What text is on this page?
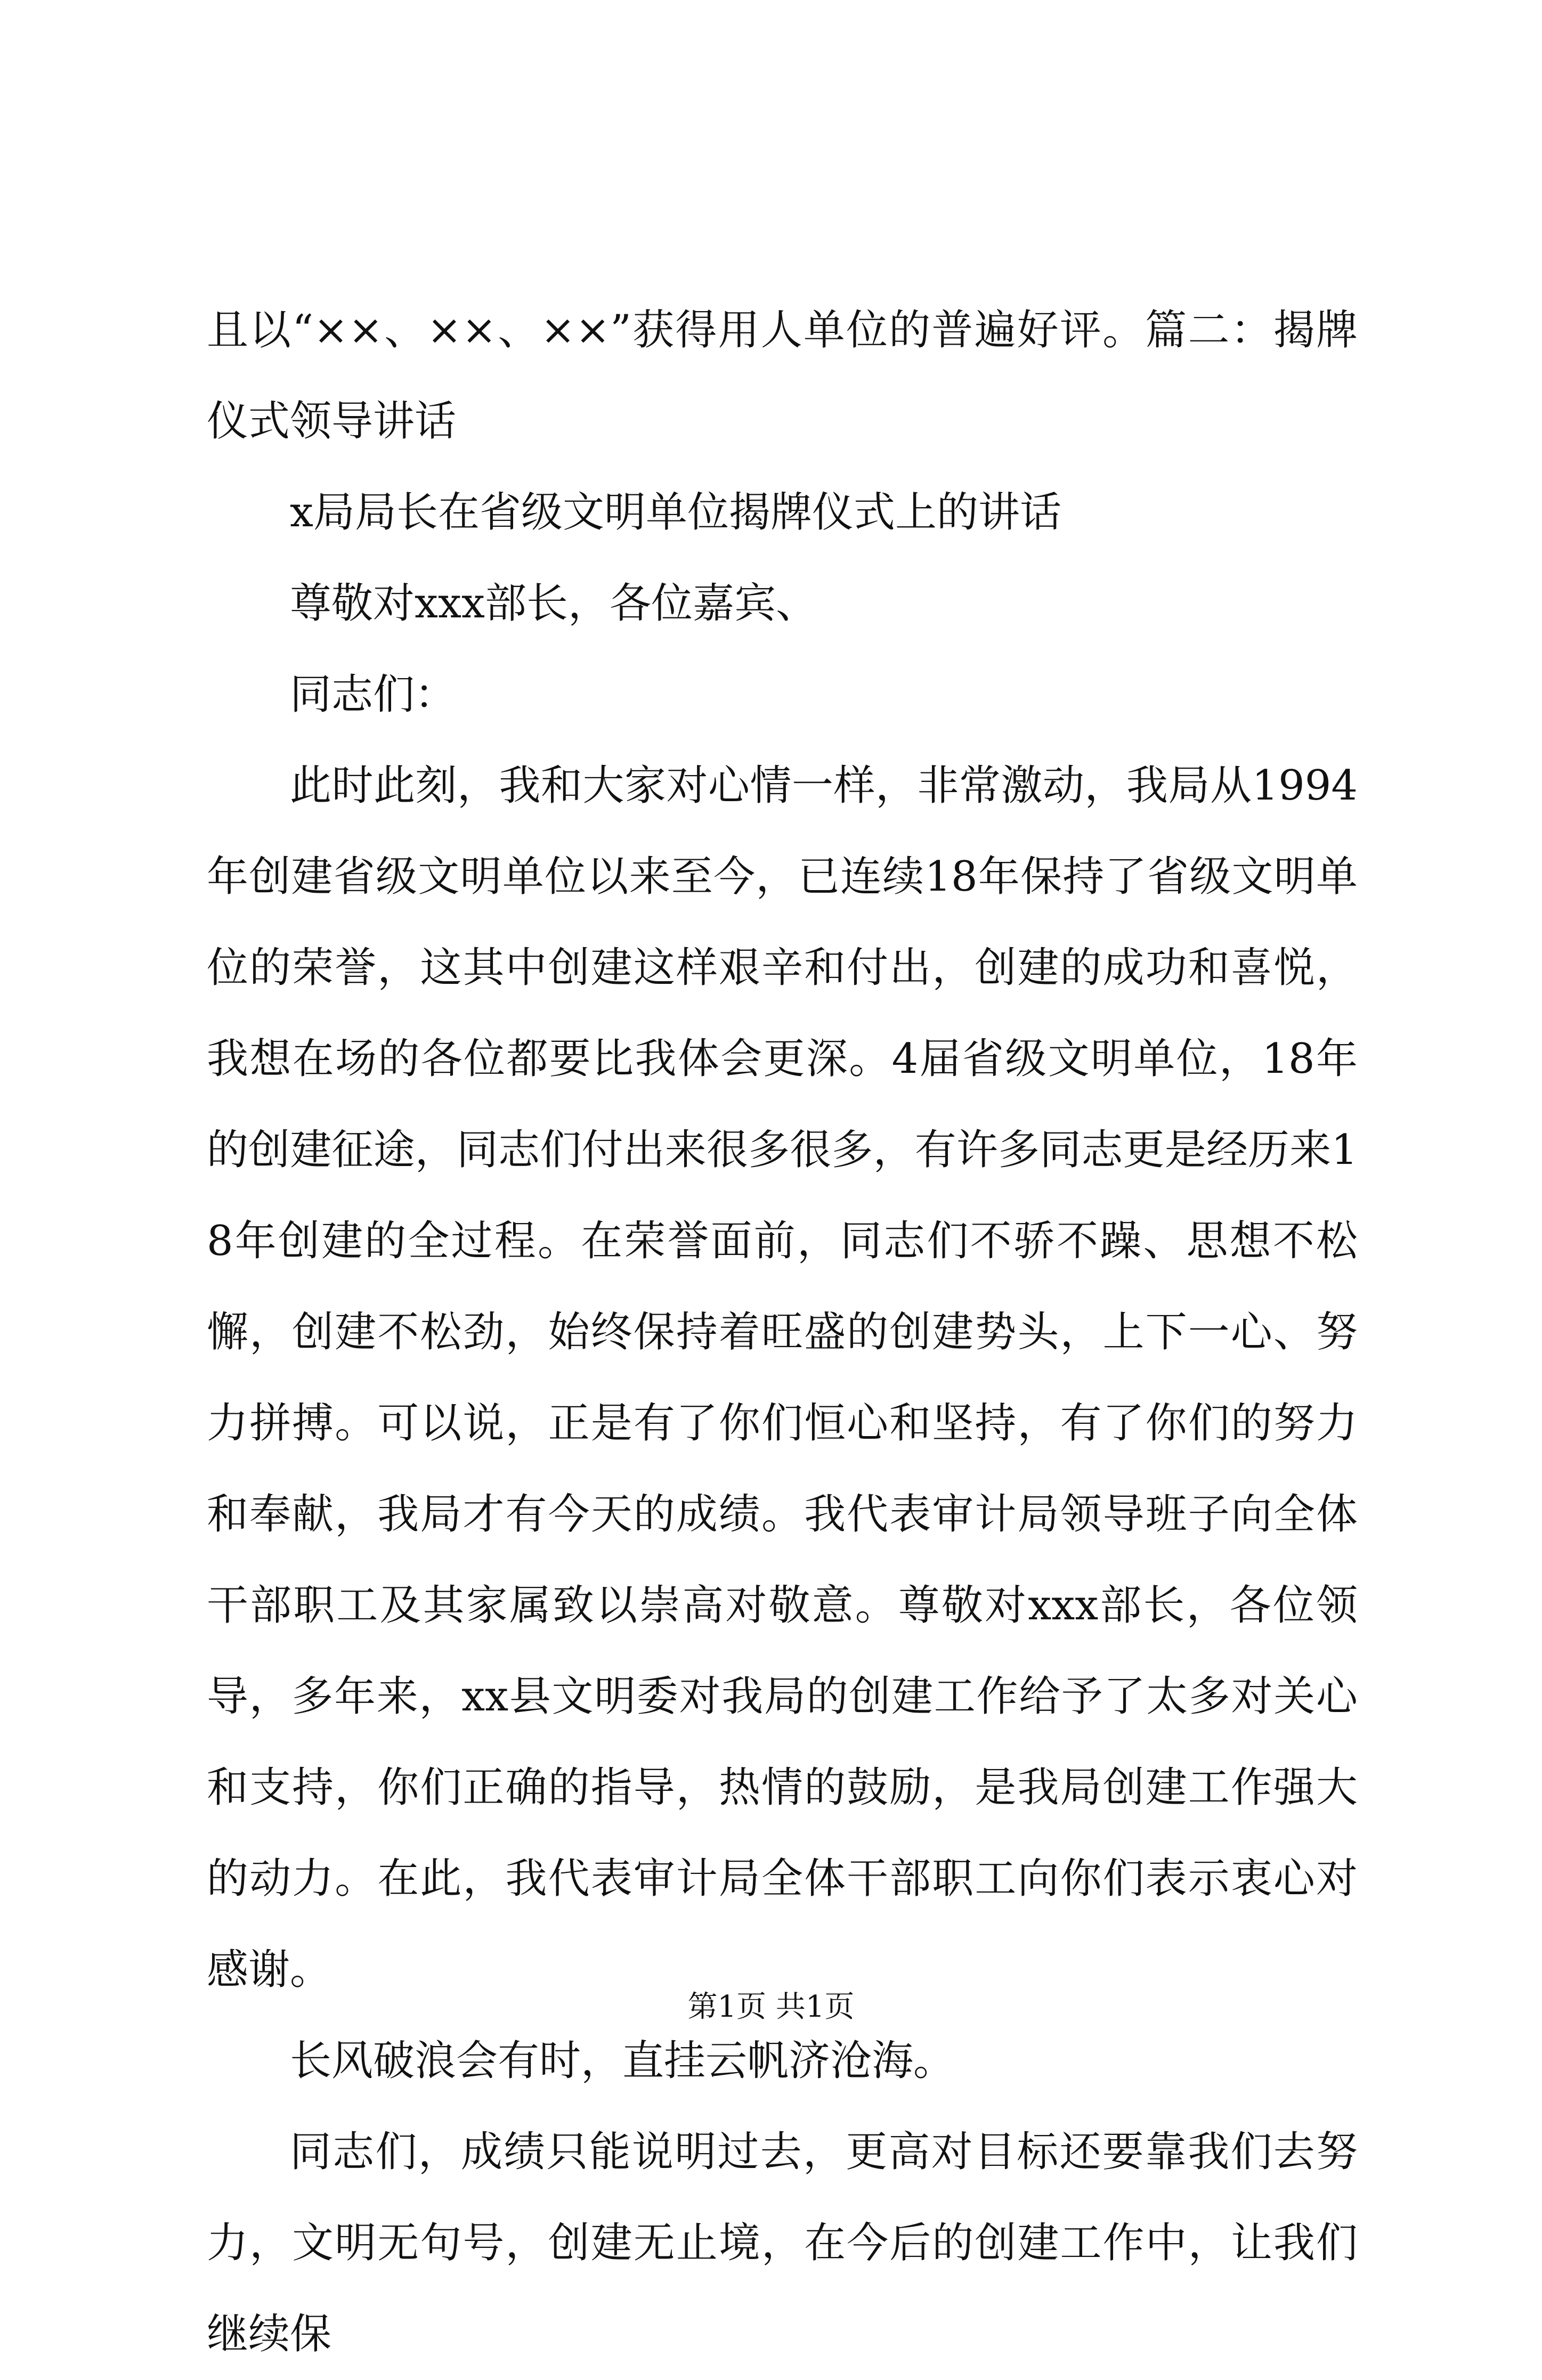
且以“××、××、××”获得用人单位的普遍好评。篇二：揭牌仪式领导讲话

x局局长在省级文明单位揭牌仪式上的讲话

尊敬对xxx部长，各位嘉宾、

同志们：

此时此刻，我和大家对心情一样，非常激动，我局从1994年创建省级文明单位以来至今，已连续18年保持了省级文明单位的荣誉，这其中创建这样艰辛和付出，创建的成功和喜悦，我想在场的各位都要比我体会更深。4届省级文明单位，18年的创建征途，同志们付出来很多很多，有许多同志更是经历来18年创建的全过程。在荣誉面前，同志们不骄不躁、思想不松懈，创建不松劲，始终保持着旺盛的创建势头，上下一心、努力拼搏。可以说，正是有了你们恒心和坚持，有了你们的努力和奉献，我局才有今天的成绩。我代表审计局领导班子向全体干部职工及其家属致以崇高对敬意。尊敬对xxx部长，各位领导，多年来，xx县文明委对我局的创建工作给予了太多对关心和支持，你们正确的指导，热情的鼓励，是我局创建工作强大的动力。在此，我代表审计局全体干部职工向你们表示衷心对感谢。

长风破浪会有时，直挂云帆济沧海。

同志们，成绩只能说明过去，更高对目标还要靠我们去努力，文明无句号，创建无止境，在今后的创建工作中，让我们继续保

第1页 共1页
